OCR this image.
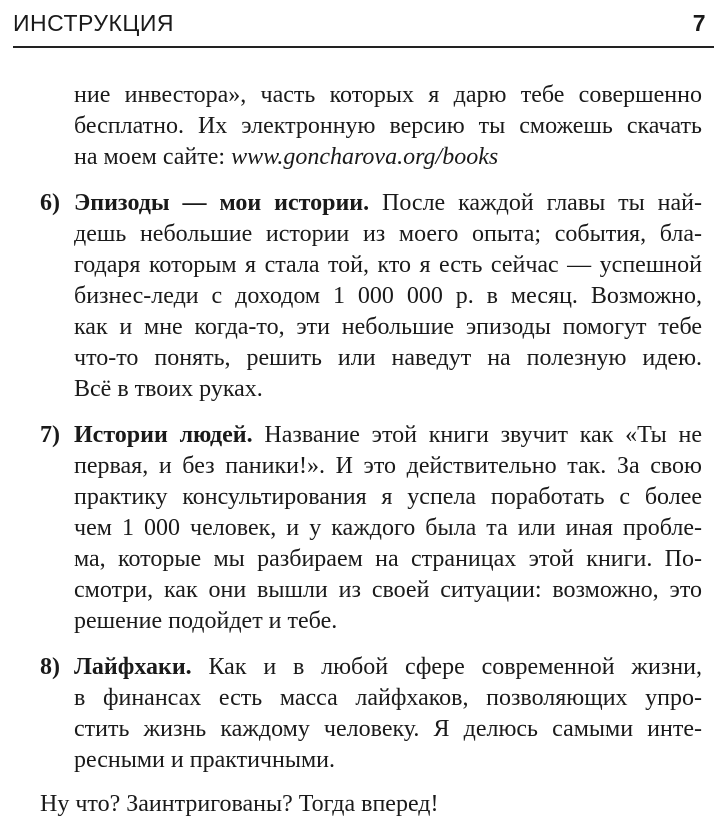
ИНСТРУКЦИЯ	7
ние инвестора», часть которых я дарю тебе совершенно
бесплатно. Их электронную версию ты сможешь скачать
на моем сайте: www.goncharova.org/books
6) Эпизоды — мои истории. После каждой главы ты най-
дешь небольшие истории из моего опыта; события, бла-
годаря которым я стала той, кто я есть сейчас — успешной
бизнес-леди с доходом 1 000 000 р. в месяц. Возможно,
как и мне когда-то, эти небольшие эпизоды помогут тебе
что-то понять, решить или наведут на полезную идею.
Всё в твоих руках.
7) Истории людей. Название этой книги звучит как «Ты не
первая, и без паники!». И это действительно так. За свою
практику консультирования я успела поработать с более
чем 1 000 человек, и у каждого была та или иная пробле-
ма, которые мы разбираем на страницах этой книги. По-
смотри, как они вышли из своей ситуации: возможно, это
решение подойдет и тебе.
8) Лайфхаки. Как и в любой сфере современной жизни,
в финансах есть масса лайфхаков, позволяющих упро-
стить жизнь каждому человеку. Я делюсь самыми инте-
ресными и практичными.
Ну что? Заинтригованы? Тогда вперед!
